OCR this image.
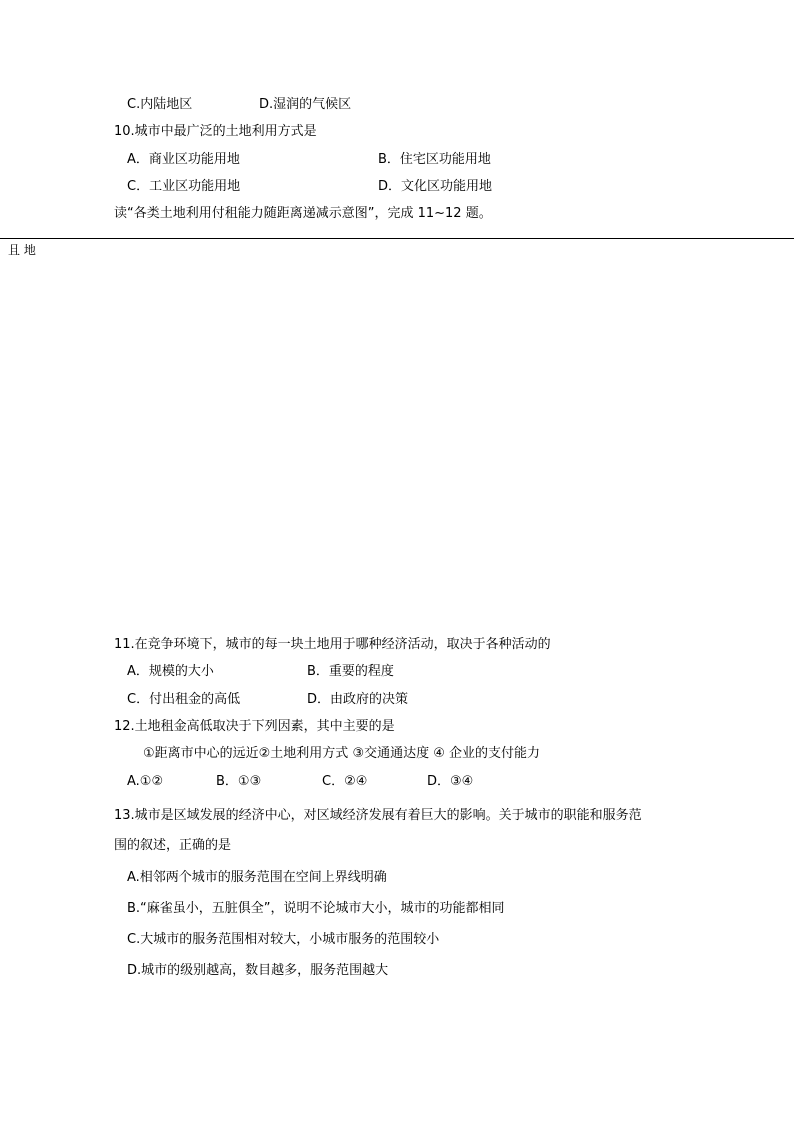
C.内陆地区	D.湿润的气候区
10.城市中最广泛的土地利用方式是
A．商业区功能用地	B．住宅区功能用地
C．工业区功能用地	D．文化区功能用地
读“各类土地利用付租能力随距离递减示意图”，完成 11~12 题。
且 地
11.在竞争环境下，城市的每一块土地用于哪种经济活动，取决于各种活动的
A．规模的大小	B．重要的程度
C．付出租金的高低	D．由政府的决策
12.土地租金高低取决于下列因素，其中主要的是
①距离市中心的远近②土地利用方式 ③交通通达度 ④ 企业的支付能力
A.①②	B．①③	C．②④	D．③④
13.城市是区域发展的经济中心，对区域经济发展有着巨大的影响。关于城市的职能和服务范
围的叙述，正确的是
A.相邻两个城市的服务范围在空间上界线明确
B.“麻雀虽小，五脏俱全”，说明不论城市大小，城市的功能都相同
C.大城市的服务范围相对较大，小城市服务的范围较小
D.城市的级别越高，数目越多，服务范围越大
